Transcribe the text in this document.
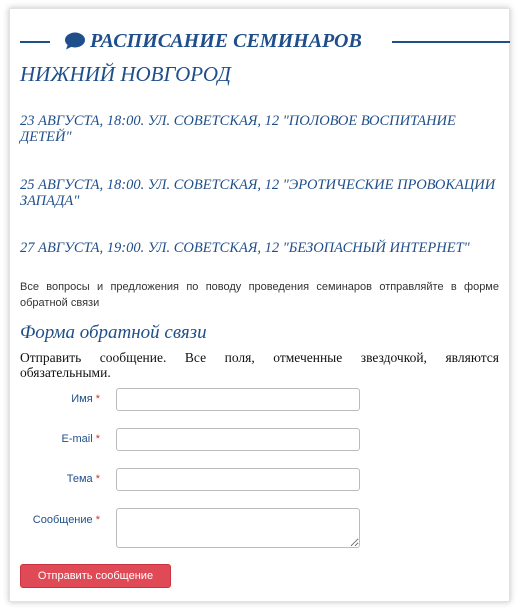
РАСПИСАНИЕ СЕМИНАРОВ
НИЖНИЙ НОВГОРОД
23 АВГУСТА, 18:00. УЛ. СОВЕТСКАЯ, 12 "ПОЛОВОЕ ВОСПИТАНИЕ ДЕТЕЙ"
25 АВГУСТА, 18:00. УЛ. СОВЕТСКАЯ, 12 "ЭРОТИЧЕСКИЕ ПРОВОКАЦИИ ЗАПАДА"
27 АВГУСТА, 19:00. УЛ. СОВЕТСКАЯ, 12 "БЕЗОПАСНЫЙ ИНТЕРНЕТ"
Все вопросы и предложения по поводу проведения семинаров отправляйте в форме обратной связи
Форма обратной связи
Отправить сообщение. Все поля, отмеченные звездочкой, являются обязательными.
Имя *
E-mail *
Тема *
Сообщение *
Отправить сообщение
